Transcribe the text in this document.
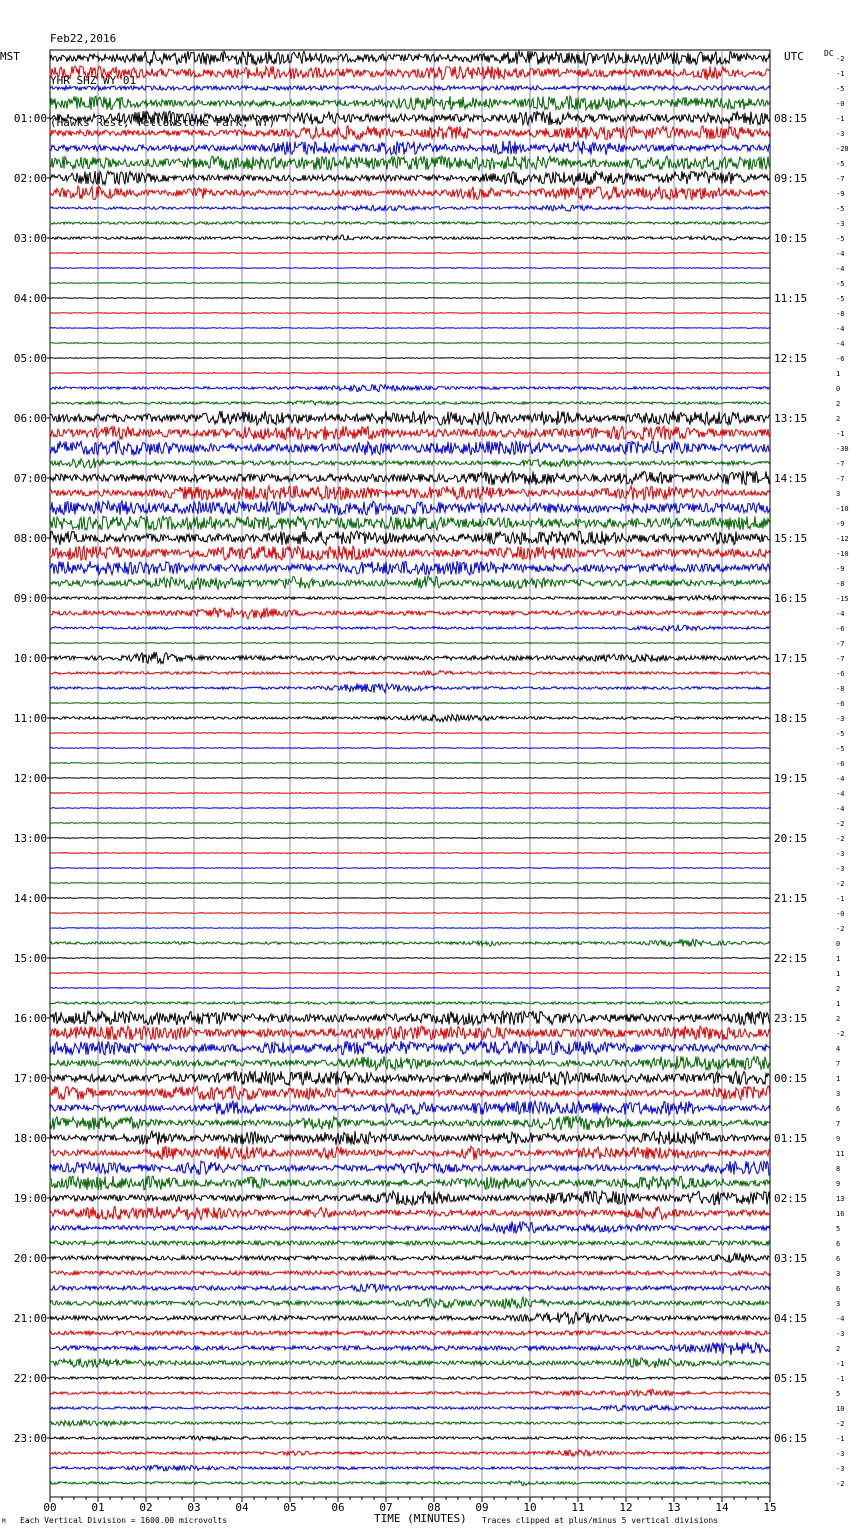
Feb22,2016

YHR SHZ WY 01

(Hawks Rest, Yellowstone Park, WY)

MST	UTC	DC
TIME (MINUTES)
Each Vertical Division = 1600.00 microvolts	Traces clipped at plus/minus 5 vertical divisions
M
00	01	02	03	04	05	06	07	08	09	10	11	12	13	14	15
-2
-1
-5
-0
-1
-3
-28
-5
-7
-9
-5
-3
-5
-4
-4
-5
-5
-8
-4
-4
-6
1
0
2
2
-1
-30
-7
-7
3
-10
-9
-12
-10
-9
-8
-15
-4
-6
-7
-7
-6
-8
-6
-3
-5
-5
-6
-4
-4
-4
-2
-2
-3
-3
-2
-1
-0
-2
0
1
1
2
1
2
-2
4
7
1
3
6
7
9
11
8
9
13
16
5
6
6
3
6
3
-4
-3
2
-1
-1
5
10
-2
-1
-3
-3
-2
01:00
02:00
03:00
04:00
05:00
06:00
07:00
08:00
09:00
10:00
11:00
12:00
13:00
14:00
15:00
16:00
17:00
18:00
19:00
20:00
21:00
22:00
23:00
08:15
09:15
10:15
11:15
12:15
13:15
14:15
15:15
16:15
17:15
18:15
19:15
20:15
21:15
22:15
23:15
00:15
01:15
02:15
03:15
04:15
05:15
06:15
